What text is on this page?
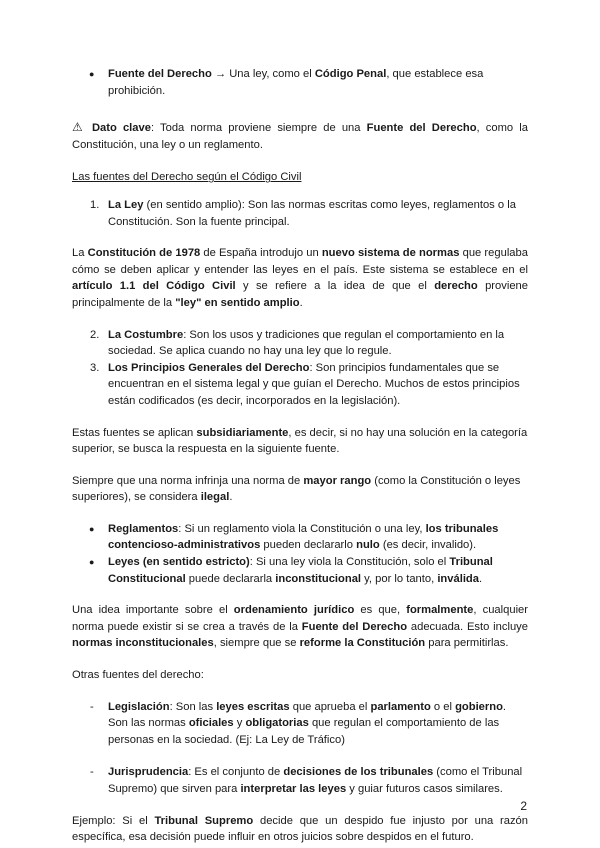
● Fuente del Derecho → Una ley, como el Código Penal, que establece esa prohibición.

⚠ Dato clave: Toda norma proviene siempre de una Fuente del Derecho, como la Constitución, una ley o un reglamento.

Las fuentes del Derecho según el Código Civil

1. La Ley (en sentido amplio): Son las normas escritas como leyes, reglamentos o la Constitución. Son la fuente principal.

La Constitución de 1978 de España introdujo un nuevo sistema de normas que regulaba cómo se deben aplicar y entender las leyes en el país. Este sistema se establece en el artículo 1.1 del Código Civil y se refiere a la idea de que el derecho proviene principalmente de la "ley" en sentido amplio.

2. La Costumbre: Son los usos y tradiciones que regulan el comportamiento en la sociedad. Se aplica cuando no hay una ley que lo regule.
3. Los Principios Generales del Derecho: Son principios fundamentales que se encuentran en el sistema legal y que guían el Derecho. Muchos de estos principios están codificados (es decir, incorporados en la legislación).

Estas fuentes se aplican subsidiariamente, es decir, si no hay una solución en la categoría superior, se busca la respuesta en la siguiente fuente.

Siempre que una norma infrinja una norma de mayor rango (como la Constitución o leyes superiores), se considera ilegal.

● Reglamentos: Si un reglamento viola la Constitución o una ley, los tribunales contencioso-administrativos pueden declararlo nulo (es decir, invalido).
● Leyes (en sentido estricto): Si una ley viola la Constitución, solo el Tribunal Constitucional puede declararla inconstitucional y, por lo tanto, inválida.

Una idea importante sobre el ordenamiento jurídico es que, formalmente, cualquier norma puede existir si se crea a través de la Fuente del Derecho adecuada. Esto incluye normas inconstitucionales, siempre que se reforme la Constitución para permitirlas.

Otras fuentes del derecho:

- Legislación: Son las leyes escritas que aprueba el parlamento o el gobierno. Son las normas oficiales y obligatorias que regulan el comportamiento de las personas en la sociedad. (Ej: La Ley de Tráfico)
- Jurisprudencia: Es el conjunto de decisiones de los tribunales (como el Tribunal Supremo) que sirven para interpretar las leyes y guiar futuros casos similares.

Ejemplo: Si el Tribunal Supremo decide que un despido fue injusto por una razón específica, esa decisión puede influir en otros juicios sobre despidos en el futuro.

2
